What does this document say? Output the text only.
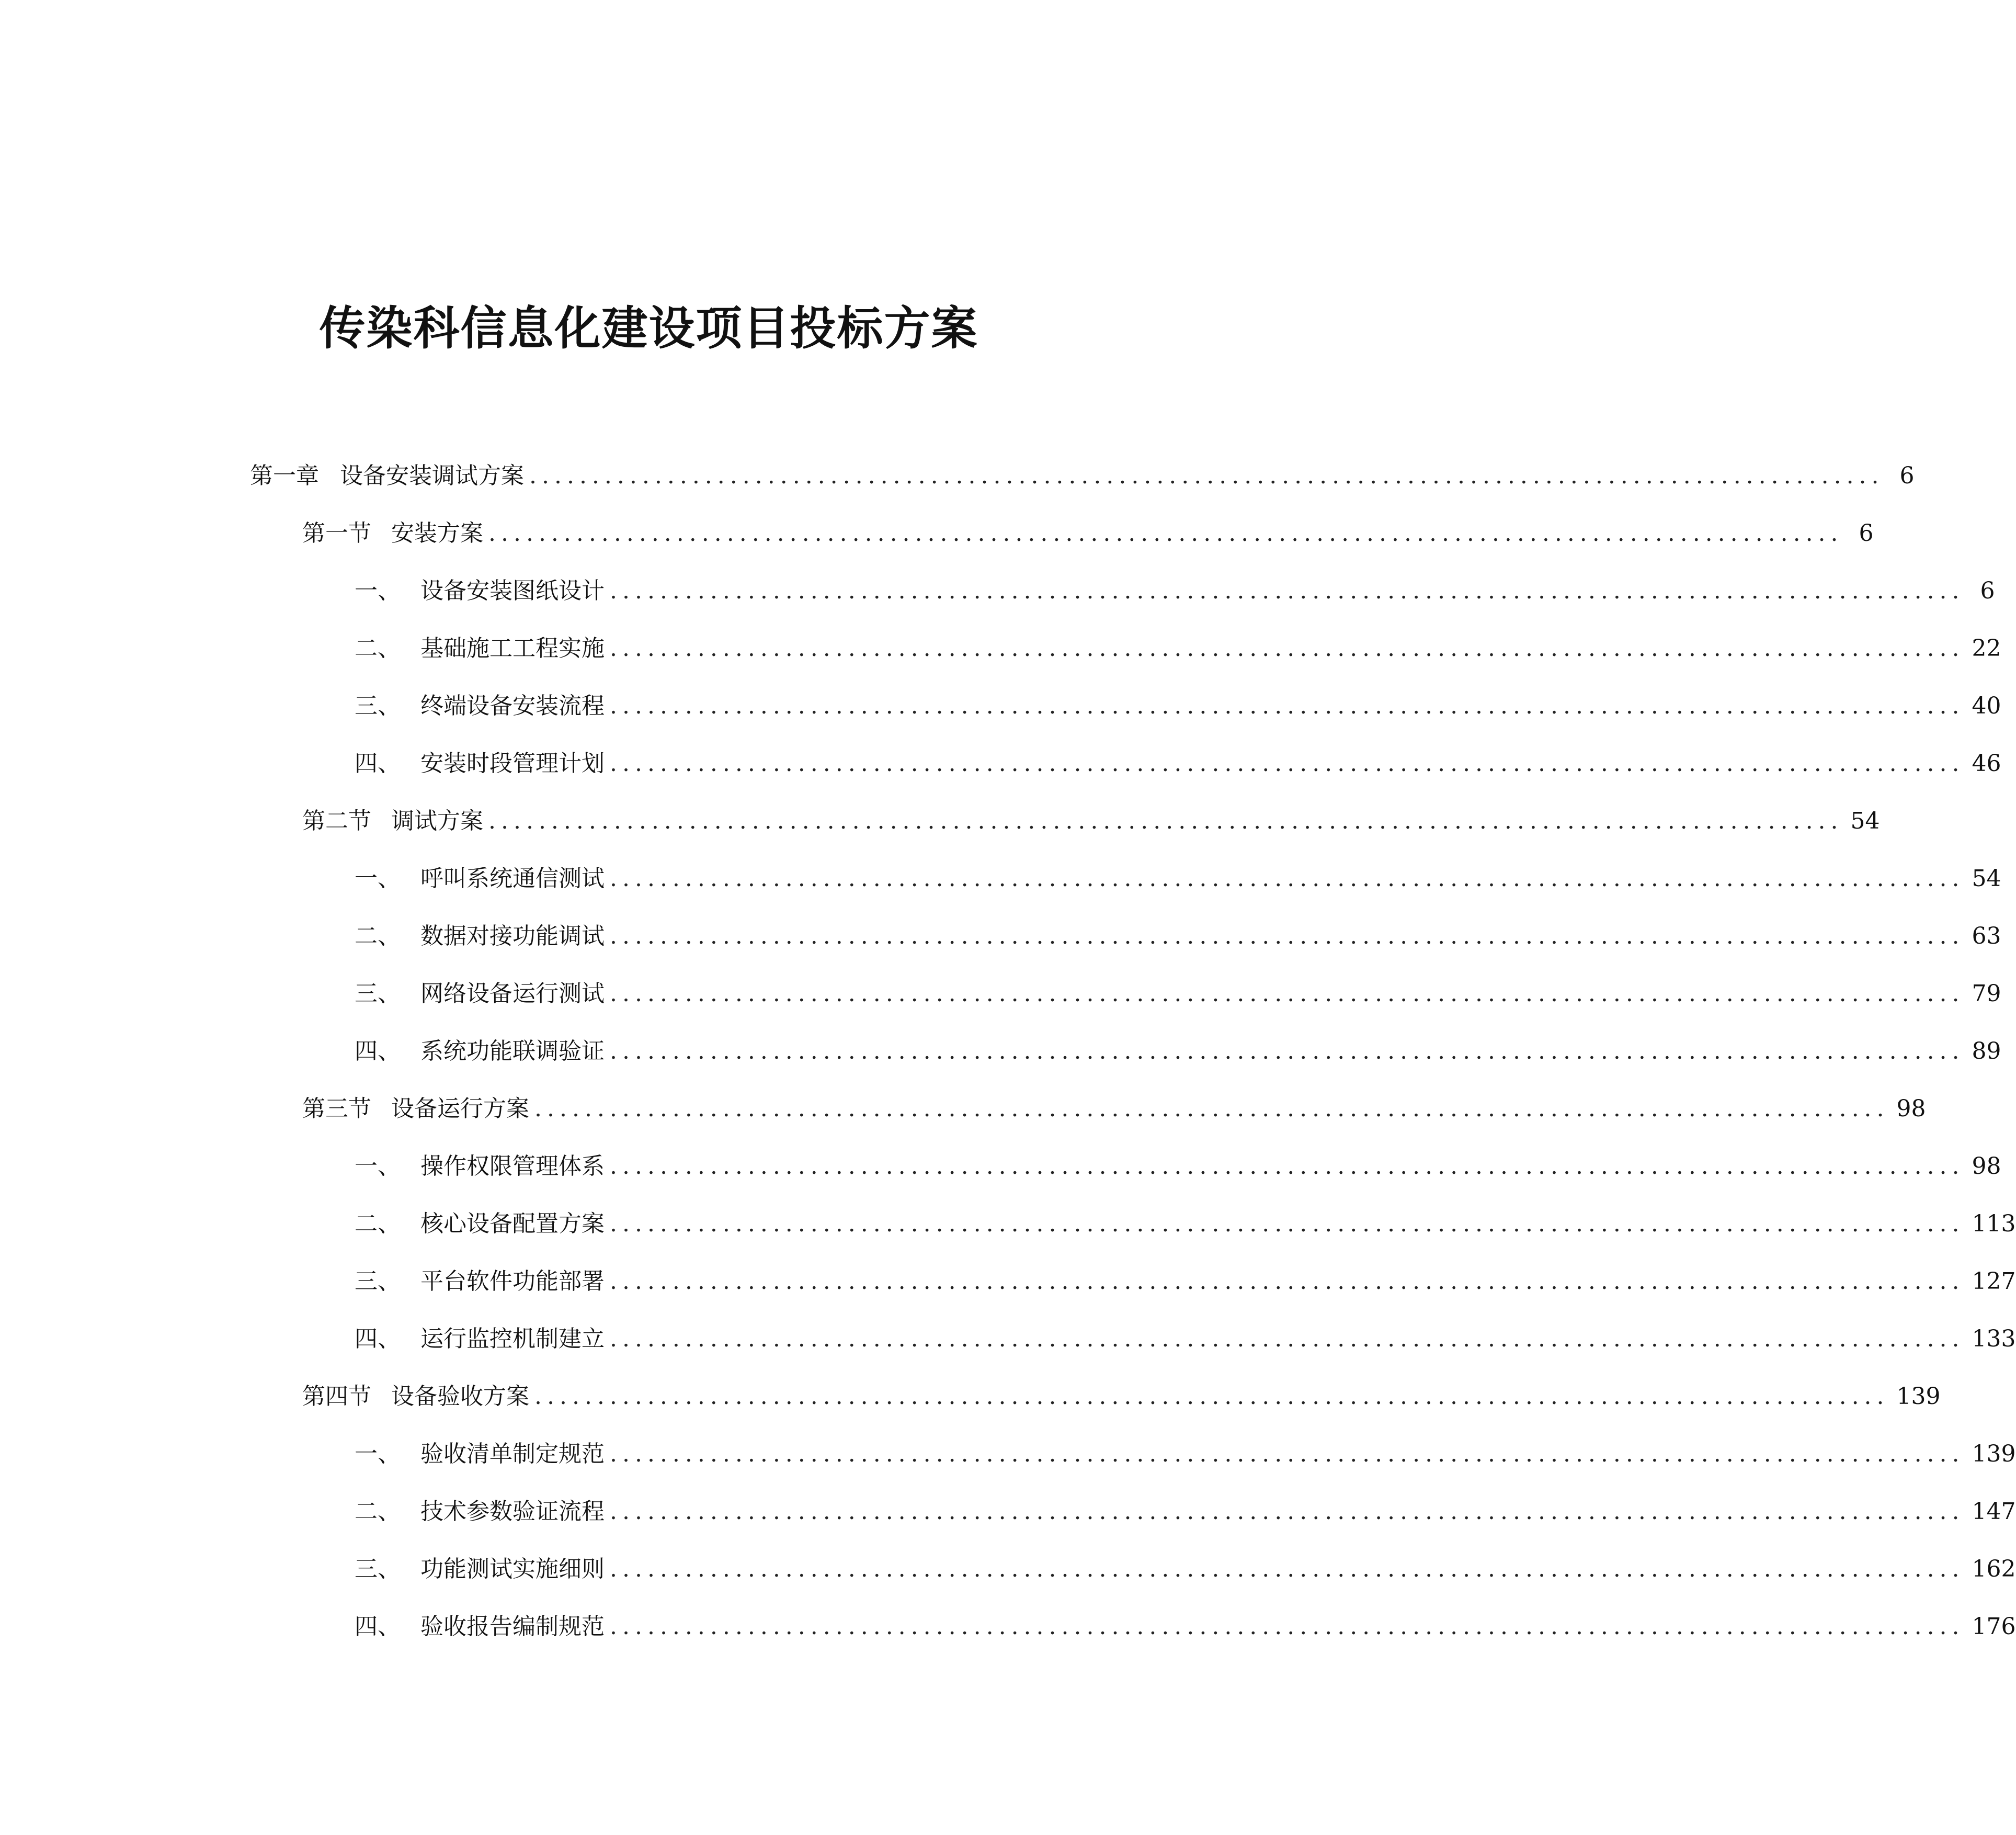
传染科信息化建设项目投标方案
第一章 设备安装调试方案 ............................................................................................................ 6
第一节 安装方案 ............................................................................................................ 6
一、 设备安装图纸设计 ............................................................................................................ 6
二、 基础施工工程实施 ............................................................................................................ 22
三、 终端设备安装流程 ............................................................................................................ 40
四、 安装时段管理计划 ............................................................................................................ 46
第二节 调试方案 ............................................................................................................ 54
一、 呼叫系统通信测试 ............................................................................................................ 54
二、 数据对接功能调试 ............................................................................................................ 63
三、 网络设备运行测试 ............................................................................................................ 79
四、 系统功能联调验证 ............................................................................................................ 89
第三节 设备运行方案 ............................................................................................................ 98
一、 操作权限管理体系 ............................................................................................................ 98
二、 核心设备配置方案 ............................................................................................................ 113
三、 平台软件功能部署 ............................................................................................................ 127
四、 运行监控机制建立 ............................................................................................................ 133
第四节 设备验收方案 ............................................................................................................ 139
一、 验收清单制定规范 ............................................................................................................ 139
二、 技术参数验证流程 ............................................................................................................ 147
三、 功能测试实施细则 ............................................................................................................ 162
四、 验收报告编制规范 ............................................................................................................ 176
